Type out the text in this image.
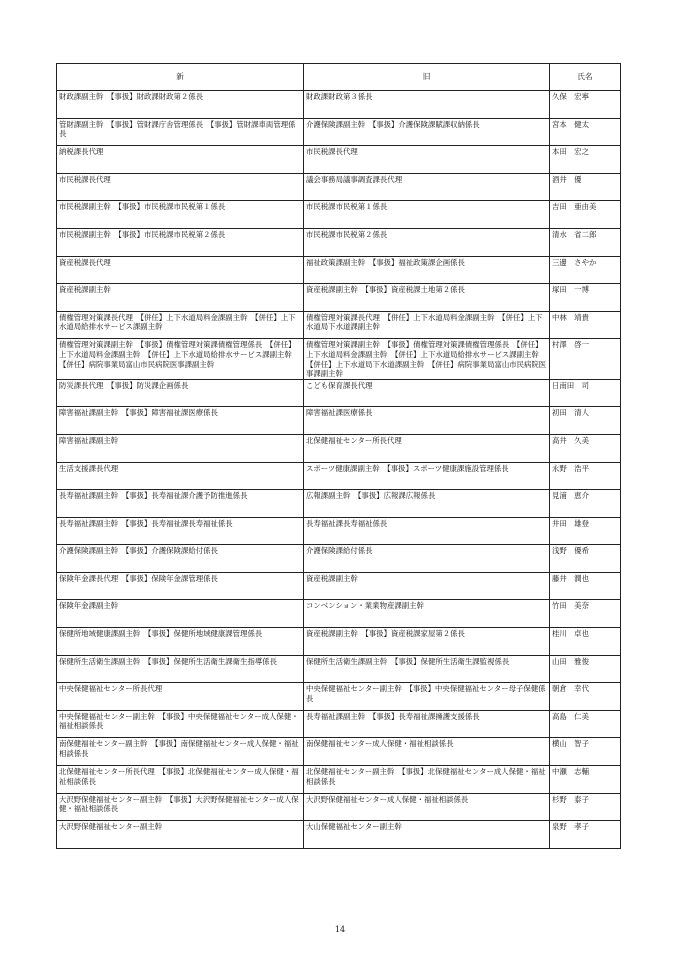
新	旧	氏名
財政課副主幹　【事扱】財政課財政第２係長	財政課財政第３係長	久保　宏寧
管財課副主幹　【事扱】管財課庁舎管理係長　【事扱】管財課車両管理係長	介護保険課副主幹　【事扱】介護保険課賦課収納係長	宮本　健太
納税課長代理	市民税課長代理	本田　宏之
市民税課長代理	議会事務局議事調査課長代理	酒井　優
市民税課副主幹　【事扱】市民税課市民税第１係長	市民税課市民税第１係長	吉田　亜由美
市民税課副主幹　【事扱】市民税課市民税第２係長	市民税課市民税第２係長	清水　省二郎
資産税課長代理	福祉政策課副主幹　【事扱】福祉政策課企画係長	三邊　さやか
資産税課副主幹	資産税課副主幹　【事扱】資産税課土地第２係長	塚田　一博
債権管理対策課長代理　【併任】上下水道局料金課副主幹　【併任】上下水道局給排水サービス課副主幹	債権管理対策課長代理　【併任】上下水道局料金課副主幹　【併任】上下水道局下水道課副主幹	中林　靖貴
債権管理対策課副主幹　【事扱】債権管理対策課債権管理係長　【併任】上下水道局料金課副主幹　【併任】上下水道局給排水サービス課副主幹　【併任】病院事業局富山市民病院医事課副主幹	債権管理対策課副主幹　【事扱】債権管理対策課債権管理係長　【併任】上下水道局料金課副主幹　【併任】上下水道局給排水サービス課副主幹　【併任】上下水道局下水道課副主幹　【併任】病院事業局富山市民病院医事課副主幹	村澤　啓一
防災課長代理　【事扱】防災課企画係長	こども保育課長代理	日南田　司
障害福祉課副主幹　【事扱】障害福祉課医療係長	障害福祉課医療係長	初田　清人
障害福祉課副主幹	北保健福祉センター所長代理	高井　久美
生活支援課長代理	スポーツ健康課副主幹　【事扱】スポーツ健康課施設管理係長	永野　浩平
長寿福祉課副主幹　【事扱】長寿福祉課介護予防推進係長	広報課副主幹　【事扱】広報課広報係長	見浦　恵介
長寿福祉課副主幹　【事扱】長寿福祉課長寿福祉係長	長寿福祉課長寿福祉係長	井田　雄登
介護保険課副主幹　【事扱】介護保険課給付係長	介護保険課給付係長	浅野　優希
保険年金課長代理　【事扱】保険年金課管理係長	資産税課副主幹	藤井　潤也
保険年金課副主幹	コンベンション・業業物産課副主幹	竹田　美奈
保健所地域健康課副主幹　【事扱】保健所地域健康課管理係長	資産税課副主幹　【事扱】資産税課家屋第２係長	桂川　卓也
保健所生活衛生課副主幹　【事扱】保健所生活衛生課衛生指導係長	保健所生活衛生課副主幹　【事扱】保健所生活衛生課監視係長	山田　雅俊
中央保健福祉センター所長代理	中央保健福祉センター副主幹　【事扱】中央保健福祉センター母子保健係長	朝倉　幸代
中央保健福祉センター副主幹　【事扱】中央保健福祉センター成人保健・福祉相談係長	長寿福祉課副主幹　【事扱】長寿福祉課擁護支援係長	高島　仁美
南保健福祉センター副主幹　【事扱】南保健福祉センター成人保健・福祉相談係長	南保健福祉センター成人保健・福祉相談係長	横山　智子
北保健福祉センター所長代理　【事扱】北保健福祉センター成人保健・福祉相談係長	北保健福祉センター副主幹　【事扱】北保健福祉センター成人保健・福祉相談係長	中瀬　志輔
大沢野保健福祉センター副主幹　【事扱】大沢野保健福祉センター成人保健・福祉相談係長	大沢野保健福祉センター成人保健・福祉相談係長	杉野　泰子
大沢野保健福祉センター副主幹	大山保健福祉センター副主幹	泉野　孝子
14
